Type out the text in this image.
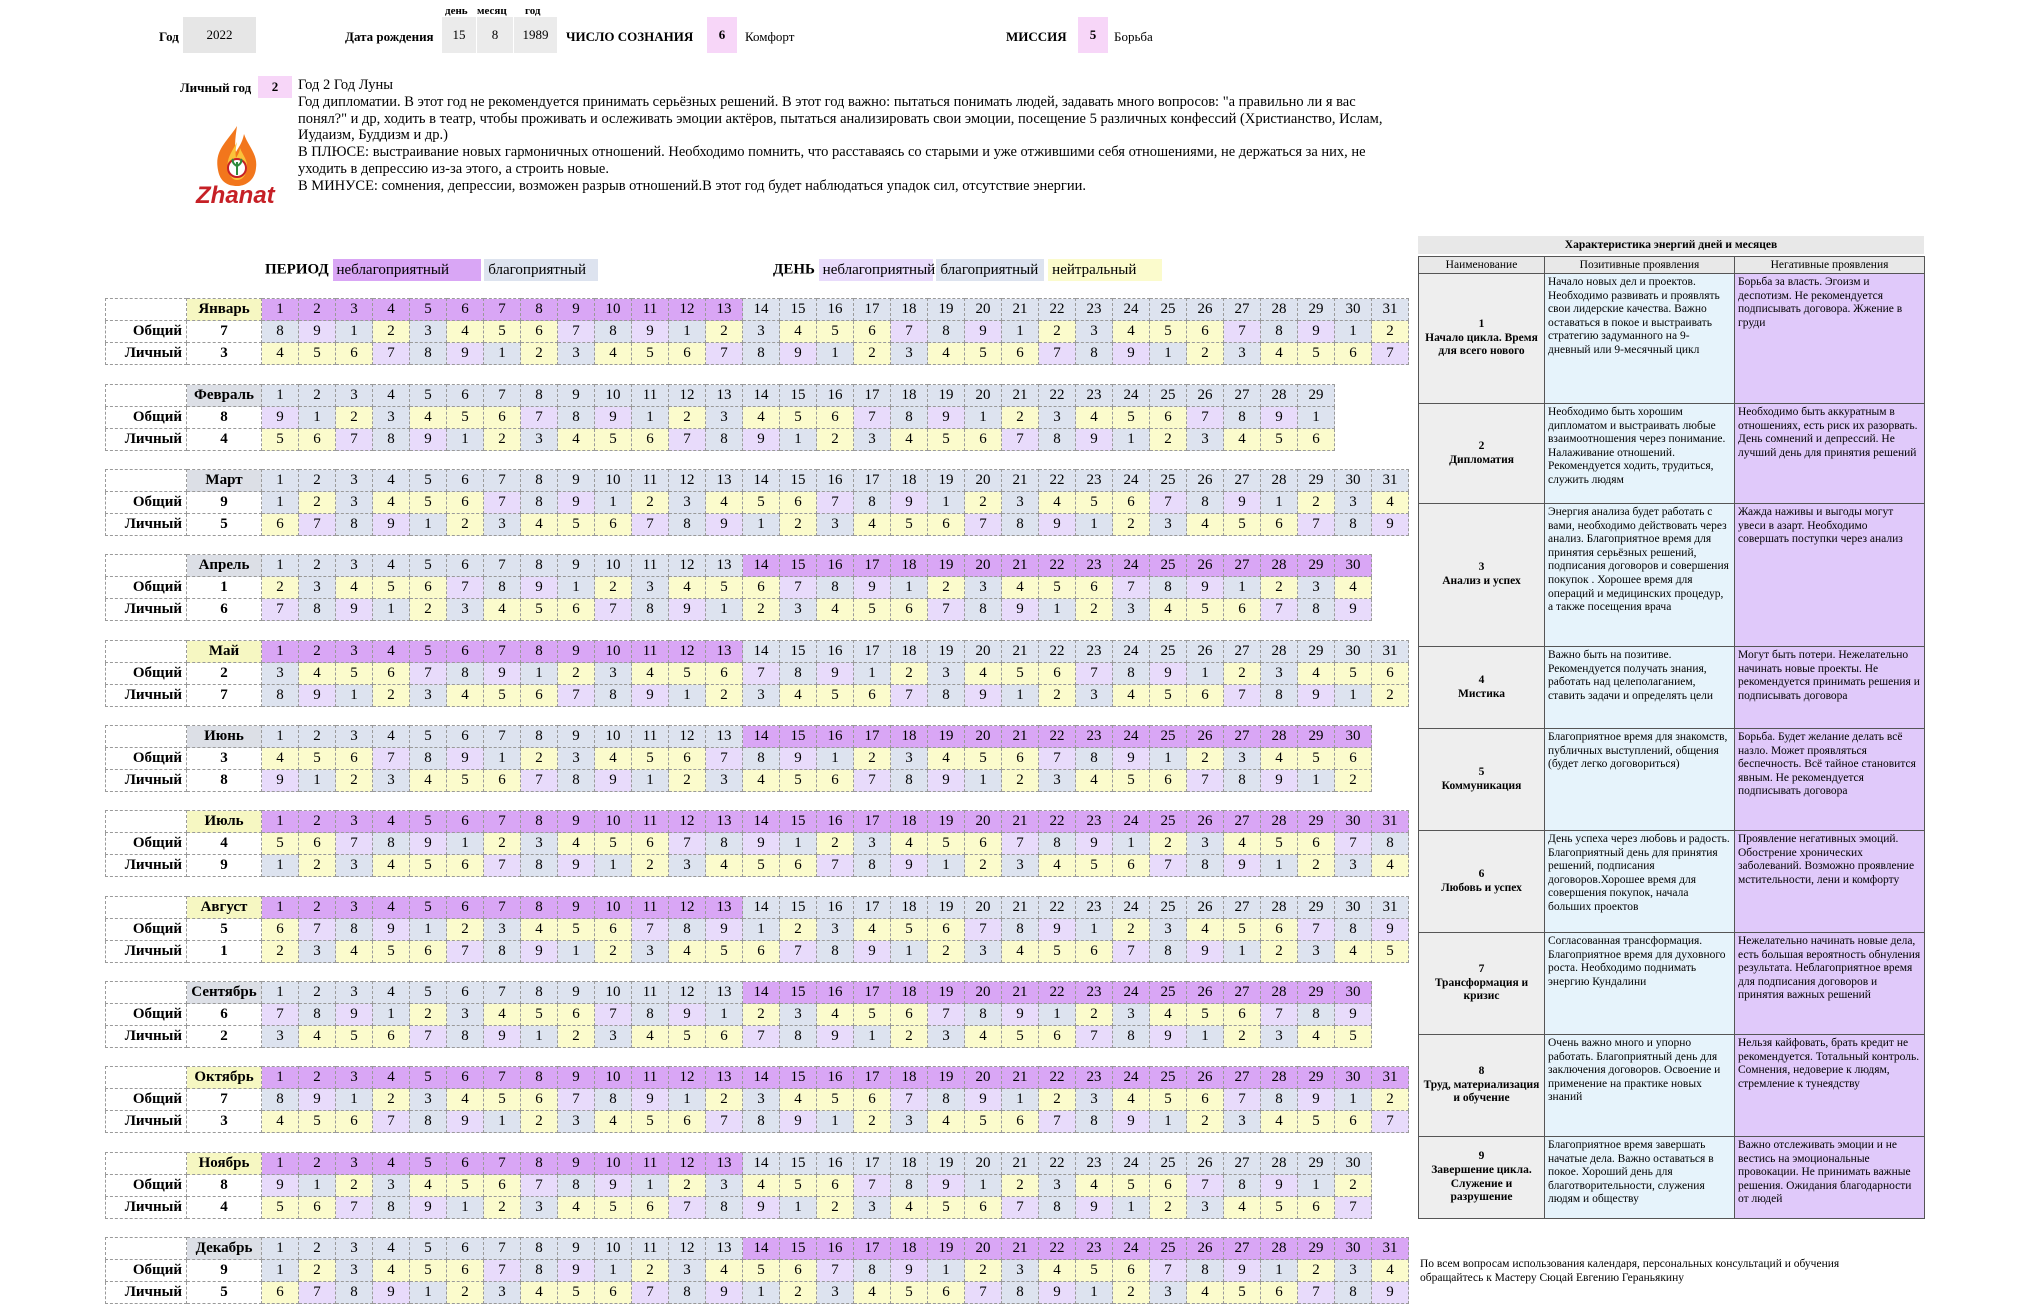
Год	2022
день месяц год
Дата рождения	15	8	1989	ЧИСЛО СОЗНАНИЯ	6	Комфорт	МИССИЯ	5	Борьба
Личный год	2	Год 2 Год Луны
Год дипломатии. В этот год не рекомендуется принимать серьёзных решений. В этот год важно: пытаться понимать людей, задавать много вопросов: "а правильно ли я вас понял?" и др, ходить в театр, чтобы проживать и ослеживать эмоции актёров, пытаться анализировать свои эмоции, посещение 5 различных конфессий (Христианство, Ислам, Иудаизм, Буддизм и др.)
В ПЛЮСЕ: выстраивание новых гармоничных отношений. Необходимо помнить, что расставаясь со старыми и уже отжившими себя отношениями, не держаться за них, не уходить в депрессию из-за этого, а строить новые.
В МИНУСЕ: сомнения, депрессии, возможен разрыв отношений.В этот год будет наблюдаться упадок сил, отсутствие энергии.
Zhanat
ПЕРИОД неблагоприятный	благоприятный	ДЕНЬ неблагоприятный благоприятный нейтральный
	Январь	1	2	3	4	5	6	7	8	9	10	11	12	13	14	15	16	17	18	19	20	21	22	23	24	25	26	27	28	29	30	31
Общий	7	8	9	1	2	3	4	5	6	7	8	9	1	2	3	4	5	6	7	8	9	1	2	3	4	5	6	7	8	9	1	2
Личный	3	4	5	6	7	8	9	1	2	3	4	5	6	7	8	9	1	2	3	4	5	6	7	8	9	1	2	3	4	5	6	7
	Февраль	1	2	3	4	5	6	7	8	9	10	11	12	13	14	15	16	17	18	19	20	21	22	23	24	25	26	27	28	29
Общий	8	9	1	2	3	4	5	6	7	8	9	1	2	3	4	5	6	7	8	9	1	2	3	4	5	6	7	8	9	1
Личный	4	5	6	7	8	9	1	2	3	4	5	6	7	8	9	1	2	3	4	5	6	7	8	9	1	2	3	4	5	6
	Март	1	2	3	4	5	6	7	8	9	10	11	12	13	14	15	16	17	18	19	20	21	22	23	24	25	26	27	28	29	30	31
Общий	9	1	2	3	4	5	6	7	8	9	1	2	3	4	5	6	7	8	9	1	2	3	4	5	6	7	8	9	1	2	3	4
Личный	5	6	7	8	9	1	2	3	4	5	6	7	8	9	1	2	3	4	5	6	7	8	9	1	2	3	4	5	6	7	8	9
	Апрель	1	2	3	4	5	6	7	8	9	10	11	12	13	14	15	16	17	18	19	20	21	22	23	24	25	26	27	28	29	30
Общий	1	2	3	4	5	6	7	8	9	1	2	3	4	5	6	7	8	9	1	2	3	4	5	6	7	8	9	1	2	3	4
Личный	6	7	8	9	1	2	3	4	5	6	7	8	9	1	2	3	4	5	6	7	8	9	1	2	3	4	5	6	7	8	9
	Май	1	2	3	4	5	6	7	8	9	10	11	12	13	14	15	16	17	18	19	20	21	22	23	24	25	26	27	28	29	30	31
Общий	2	3	4	5	6	7	8	9	1	2	3	4	5	6	7	8	9	1	2	3	4	5	6	7	8	9	1	2	3	4	5	6
Личный	7	8	9	1	2	3	4	5	6	7	8	9	1	2	3	4	5	6	7	8	9	1	2	3	4	5	6	7	8	9	1	2
	Июнь	1	2	3	4	5	6	7	8	9	10	11	12	13	14	15	16	17	18	19	20	21	22	23	24	25	26	27	28	29	30
Общий	3	4	5	6	7	8	9	1	2	3	4	5	6	7	8	9	1	2	3	4	5	6	7	8	9	1	2	3	4	5	6
Личный	8	9	1	2	3	4	5	6	7	8	9	1	2	3	4	5	6	7	8	9	1	2	3	4	5	6	7	8	9	1	2
	Июль	1	2	3	4	5	6	7	8	9	10	11	12	13	14	15	16	17	18	19	20	21	22	23	24	25	26	27	28	29	30	31
Общий	4	5	6	7	8	9	1	2	3	4	5	6	7	8	9	1	2	3	4	5	6	7	8	9	1	2	3	4	5	6	7	8
Личный	9	1	2	3	4	5	6	7	8	9	1	2	3	4	5	6	7	8	9	1	2	3	4	5	6	7	8	9	1	2	3	4
	Август	1	2	3	4	5	6	7	8	9	10	11	12	13	14	15	16	17	18	19	20	21	22	23	24	25	26	27	28	29	30	31
Общий	5	6	7	8	9	1	2	3	4	5	6	7	8	9	1	2	3	4	5	6	7	8	9	1	2	3	4	5	6	7	8	9
Личный	1	2	3	4	5	6	7	8	9	1	2	3	4	5	6	7	8	9	1	2	3	4	5	6	7	8	9	1	2	3	4	5
	Сентябрь	1	2	3	4	5	6	7	8	9	10	11	12	13	14	15	16	17	18	19	20	21	22	23	24	25	26	27	28	29	30
Общий	6	7	8	9	1	2	3	4	5	6	7	8	9	1	2	3	4	5	6	7	8	9	1	2	3	4	5	6	7	8	9
Личный	2	3	4	5	6	7	8	9	1	2	3	4	5	6	7	8	9	1	2	3	4	5	6	7	8	9	1	2	3	4	5
	Октябрь	1	2	3	4	5	6	7	8	9	10	11	12	13	14	15	16	17	18	19	20	21	22	23	24	25	26	27	28	29	30	31
Общий	7	8	9	1	2	3	4	5	6	7	8	9	1	2	3	4	5	6	7	8	9	1	2	3	4	5	6	7	8	9	1	2
Личный	3	4	5	6	7	8	9	1	2	3	4	5	6	7	8	9	1	2	3	4	5	6	7	8	9	1	2	3	4	5	6	7
	Ноябрь	1	2	3	4	5	6	7	8	9	10	11	12	13	14	15	16	17	18	19	20	21	22	23	24	25	26	27	28	29	30
Общий	8	9	1	2	3	4	5	6	7	8	9	1	2	3	4	5	6	7	8	9	1	2	3	4	5	6	7	8	9	1	2
Личный	4	5	6	7	8	9	1	2	3	4	5	6	7	8	9	1	2	3	4	5	6	7	8	9	1	2	3	4	5	6	7
	Декабрь	1	2	3	4	5	6	7	8	9	10	11	12	13	14	15	16	17	18	19	20	21	22	23	24	25	26	27	28	29	30	31
Общий	9	1	2	3	4	5	6	7	8	9	1	2	3	4	5	6	7	8	9	1	2	3	4	5	6	7	8	9	1	2	3	4
Личный	5	6	7	8	9	1	2	3	4	5	6	7	8	9	1	2	3	4	5	6	7	8	9	1	2	3	4	5	6	7	8	9
Характеристика энергий дней и месяцев
Наименование	Позитивные проявления	Негативные проявления

1
Начало цикла. Время для всего нового	Начало новых дел и проектов. Необходимо развивать и проявлять свои лидерские качества. Важно оставаться в покое и выстраивать стратегию задуманного на 9-дневный или 9-месячный цикл	Борьба за власть. Эгоизм и деспотизм. Не рекомендуется подписывать договора. Жжение в груди

2
Дипломатия	Необходимо быть хорошим дипломатом и выстраивать любые взаимоотношения через понимание. Налаживание отношений. Рекомендуется ходить, трудиться, служить людям	Необходимо быть аккуратным в отношениях, есть риск их разорвать. День сомнений и депрессий. Не лучший день для принятия решений

3
Анализ и успех	Энергия анализа будет работать с вами, необходимо действовать через анализ. Благоприятное время для принятия серьёзных решений, подписания договоров и совершения покупок . Хорошее время для операций и медицинских процедур, а также посещения врача	Жажда наживы и выгоды могут увеси в азарт. Необходимо совершать поступки через анализ

4
Мистика	Важно быть на позитиве. Рекомендуется получать знания, работать над целеполаганием, ставить задачи и определять цели	Могут быть потери. Нежелательно начинать новые проекты. Не рекомендуется принимать решения и подписывать договора

5
Коммуникация	Благоприятное время для знакомств, публичных выступлений, общения (будет легко договориться)	Борьба. Будет желание делать всё назло. Может проявляться беспечность. Всё тайное становится явным. Не рекомендуется подписывать договора

6
Любовь и успех	День успеха через любовь и радость. Благоприятный день для принятия решений, подписания договоров.Хорошее время для совершения покупок, начала больших проектов	Проявление негативных эмоций. Обострение хронических заболеваний. Возможно проявление мстительности, лени и комфорту

7
Трансформация и кризис	Согласованная трансформация. Благоприятное время для духовного роста. Необходимо поднимать энергию Кундалини	Нежелательно начинать новые дела, есть большая вероятность обнуления результата. Неблагоприятное время для подписания договоров и принятия важных решений

8
Труд, материализация и обучение	Очень важно много и упорно работать. Благоприятный день для заключения договоров. Освоение и применение на практике новых знаний	Нельзя кайфовать, брать кредит не рекомендуется. Тотальный контроль. Сомнения, недоверие к людям, стремление к тунеядству

9
Завершение цикла. Служение и разрушение	Благоприятное время завершать начатые дела. Важно оставаться в покое. Хороший день для благотворительности, служения людям и обществу	Важно отслеживать эмоции и не вестись на эмоциональные провокации. Не принимать важные решения. Ожидания благодарности от людей
По всем вопросам использования календаря, персональных консультаций и обучения
обращайтесь к Мастеру Сюцай Евгению Гераньякину
